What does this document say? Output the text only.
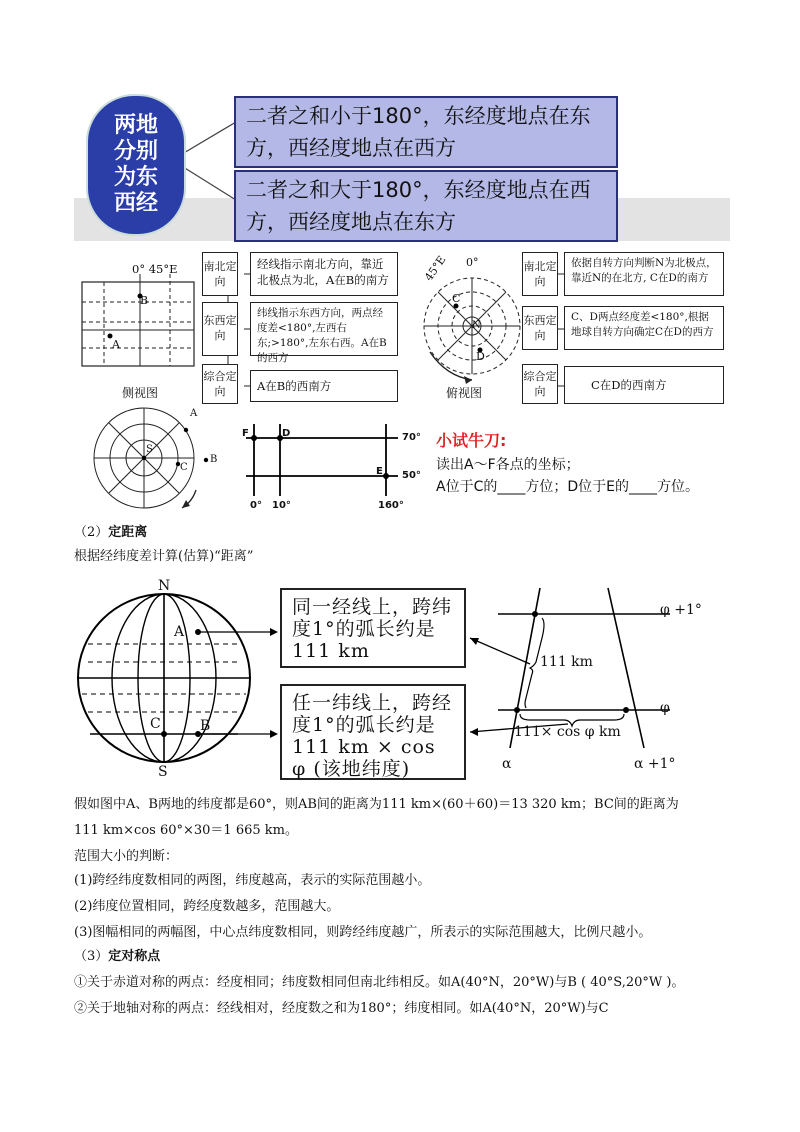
两地分别为东西经
二者之和小于180°，东经度地点在东方，西经度地点在西方
二者之和大于180°，东经度地点在西方，西经度地点在东方
0° 45°E
B
A
侧视图
南北定向
经线指示南北方向，靠近北极点为北，A在B的南方
东西定向
纬线指示东西方向，两点经度差<180°,左西右东;>180°,左东右西。A在B的西方
综合定向	A在B的西南方
0°
45°E
C
N
D
俯视图
南北定向
依据自转方向判断N为北极点，靠近N的在北方, C在D的南方
东西定向
C、D两点经度差<180°,根据地球自转方向确定C在D的西方
综合定向	C在D的西南方
A
S
C
B
F	D
E
70°
50°
0° 10°	160°
小试牛刀:
读出A～F各点的坐标；
A位于C的____方位；D位于E的____方位。
（2）定距离
根据经纬度差计算(估算)“距离”
N
S
A
C	B
同一经线上，跨纬度1°的弧长约是111 km
任一纬线上，跨经度1°的弧长约是111 km × cos φ (该地纬度)
φ +1°
φ
111 km
111× cos φ km
α	α +1°
假如图中A、B两地的纬度都是60°，则AB间的距离为111 km×(60＋60)＝13 320 km；BC间的距离为
111 km×cos 60°×30＝1 665 km。
范围大小的判断：
(1)跨经纬度数相同的两图，纬度越高，表示的实际范围越小。
(2)纬度位置相同，跨经度数越多，范围越大。
(3)图幅相同的两幅图，中心点纬度数相同，则跨经纬度越广，所表示的实际范围越大，比例尺越小。
（3）定对称点
①关于赤道对称的两点：经度相同；纬度数相同但南北纬相反。如A(40°N，20°W)与B ( 40°S,20°W )。
②关于地轴对称的两点：经线相对，经度数之和为180°；纬度相同。如A(40°N，20°W)与C
